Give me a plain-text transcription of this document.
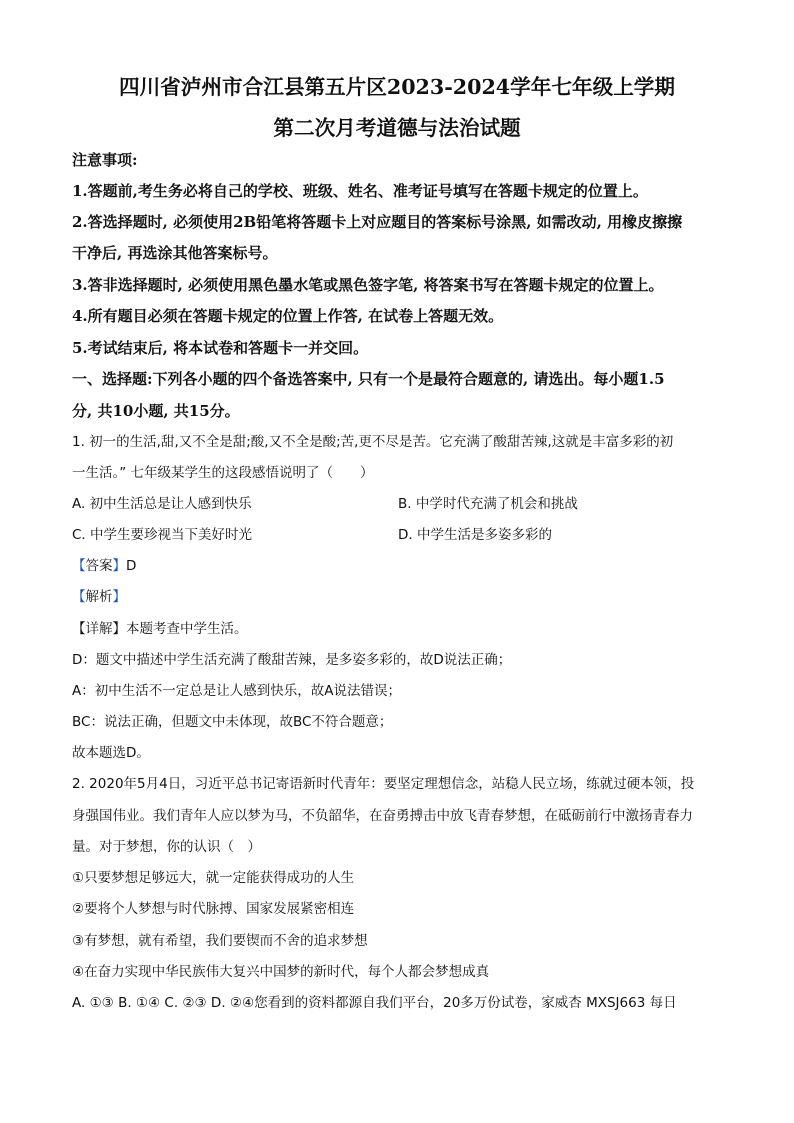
四川省泸州市合江县第五片区2023-2024学年七年级上学期
第二次月考道德与法治试题
注意事项:
1.答题前,考生务必将自己的学校、班级、姓名、准考证号填写在答题卡规定的位置上。
2.答选择题时, 必须使用2B铅笔将答题卡上对应题目的答案标号涂黑, 如需改动, 用橡皮擦擦
干净后, 再选涂其他答案标号。
3.答非选择题时, 必须使用黑色墨水笔或黑色签字笔, 将答案书写在答题卡规定的位置上。
4.所有题目必须在答题卡规定的位置上作答, 在试卷上答题无效。
5.考试结束后, 将本试卷和答题卡一并交回。
一、选择题:下列各小题的四个备选答案中, 只有一个是最符合题意的, 请选出。每小题1.5
分, 共10小题, 共15分。
1. 初一的生活,甜,又不全是甜;酸,又不全是酸;苦,更不尽是苦。它充满了酸甜苦辣,这就是丰富多彩的初
一生活。” 七年级某学生的这段感悟说明了（　　）
A. 初中生活总是让人感到快乐	B. 中学时代充满了机会和挑战
C. 中学生要珍视当下美好时光	D. 中学生活是多姿多彩的
【答案】D
【解析】
【详解】本题考查中学生活。
D：题文中描述中学生活充满了酸甜苦辣，是多姿多彩的，故D说法正确；
A：初中生活不一定总是让人感到快乐，故A说法错误；
BC：说法正确，但题文中未体现，故BC不符合题意；
故本题选D。
2. 2020年5月4日，习近平总书记寄语新时代青年：要坚定理想信念，站稳人民立场，练就过硬本领，投
身强国伟业。我们青年人应以梦为马，不负韶华，在奋勇搏击中放飞青春梦想，在砥砺前行中激扬青春力
量。对于梦想，你的认识（　）
①只要梦想足够远大，就一定能获得成功的人生
②要将个人梦想与时代脉搏、国家发展紧密相连
③有梦想，就有希望，我们要锲而不舍的追求梦想
④在奋力实现中华民族伟大复兴中国梦的新时代，每个人都会梦想成真
A. ①③ B. ①④ C. ②③ D. ②④您看到的资料都源自我们平台，20多万份试卷，家威杏 MXSJ663 每日
